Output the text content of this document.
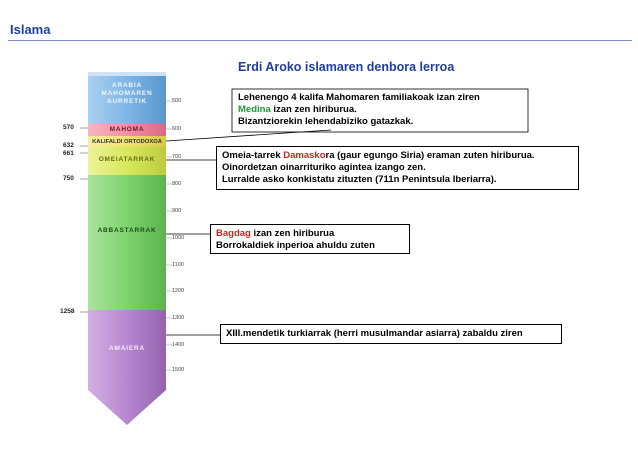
Islama
Erdi Aroko islamaren denbora lerroa
ARABIA
MAHOMAREN
AURRETIK
MAHOMA
KALIFALDI ORTODOXOA
OMEIATARRAK
ABBASTARRAK
AMAIERA
570
632
661
750
1258
500
600
700
800
900
1000
1100
1200
1300
1400
1500
Lehenengo 4 kalifa Mahomaren familiakoak izan ziren
Medina izan zen hiriburua.
Bizantziorekin lehendabiziko gatazkak.
Omeia-tarrek Damaskora (gaur egungo Siria) eraman zuten hiriburua.
Oinordetzan oinarrituriko agintea izango zen.
Lurralde asko konkistatu zituzten (711n Penintsula Iberiarra).
Bagdag izan zen hiriburua
Borrokaldiek inperioa ahuldu zuten
XIII.mendetik turkiarrak (herri musulmandar asiarra) zabaldu ziren
